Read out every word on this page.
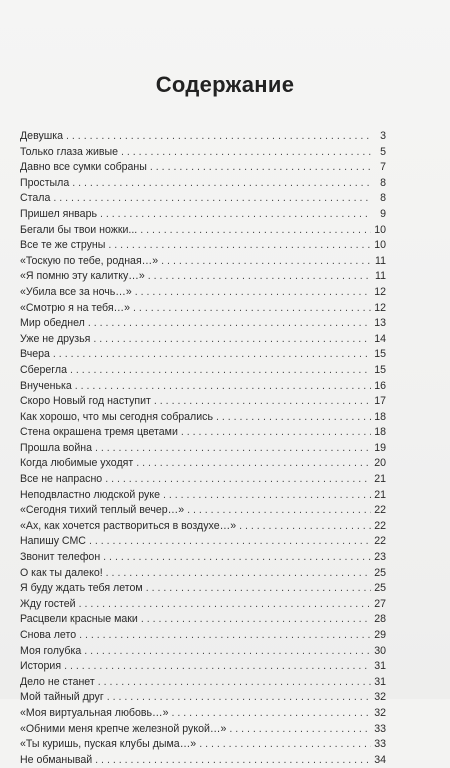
Содержание
Девушка . . .	3
Только глаза живые . . .	5
Давно все сумки собраны . . .	7
Простыла . . .	8
Стала . . .	8
Пришел январь . . .	9
Бегали бы твои ножки... . . .	10
Все те же струны . . .	10
«Тоскую по тебе, родная…» . . .	11
«Я помню эту калитку…» . . .	11
«Убила все за ночь…» . . .	12
«Смотрю я на тебя…» . . .	12
Мир обеднел . . .	13
Уже не друзья . . .	14
Вчера . . .	15
Сберегла . . .	15
Внученька . . .	16
Скоро Новый год наступит . . .	17
Как хорошо, что мы сегодня собрались . . .	18
Стена окрашена тремя цветами . . .	18
Прошла война . . .	19
Когда любимые уходят . . .	20
Все не напрасно . . .	21
Неподвластно людской руке . . .	21
«Сегодня тихий теплый вечер…» . . .	22
«Ах, как хочется раствориться в воздухе…» . . .	22
Напишу СМС . . .	22
Звонит телефон . . .	23
О как ты далеко! . . .	25
Я буду ждать тебя летом . . .	25
Жду гостей . . .	27
Расцвели красные маки . . .	28
Снова лето . . .	29
Моя голубка . . .	30
История . . .	31
Дело не станет . . .	31
Мой тайный друг . . .	32
«Моя виртуальная любовь…» . . .	32
«Обними меня крепче железной рукой…» . . .	33
«Ты куришь, пуская клубы дыма…» . . .	33
Не обманывай . . .	34
